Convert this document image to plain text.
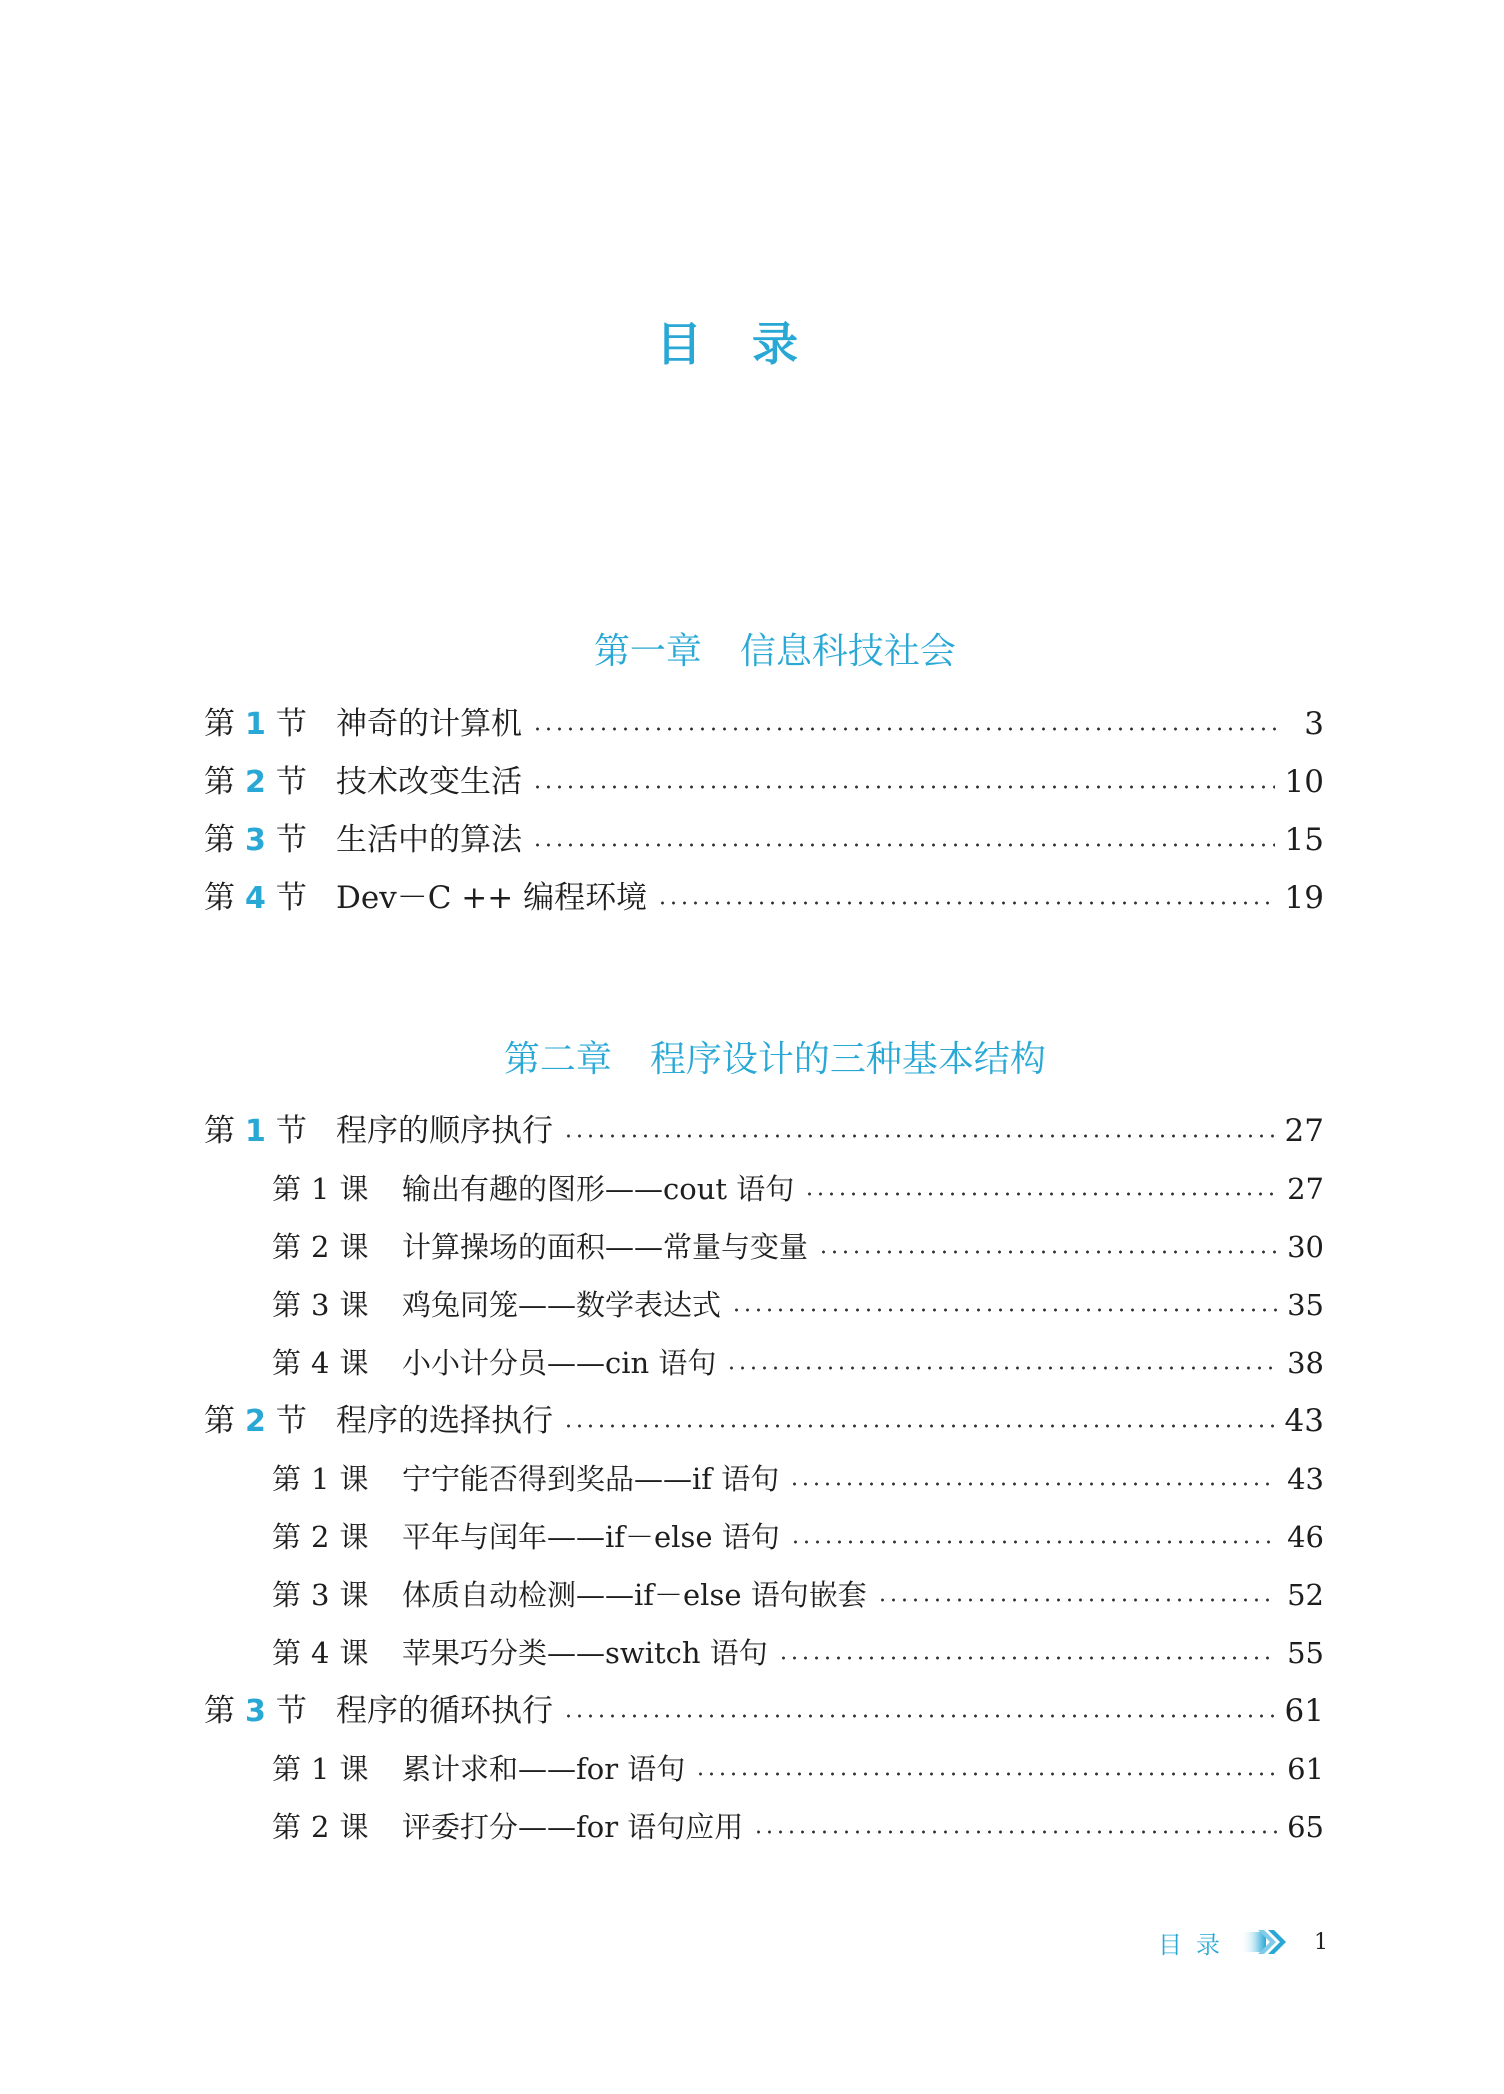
目录

第一章 信息科技社会

第 1 节 神奇的计算机	3
第 2 节 技术改变生活	10
第 3 节 生活中的算法	15
第 4 节 Dev－C ++ 编程环境	19

第二章 程序设计的三种基本结构

第 1 节 程序的顺序执行	27
第 1 课	输出有趣的图形——cout 语句	27
第 2 课	计算操场的面积——常量与变量	30
第 3 课	鸡兔同笼——数学表达式	35
第 4 课	小小计分员——cin 语句	38
第 2 节 程序的选择执行	43
第 1 课	宁宁能否得到奖品——if 语句	43
第 2 课	平年与闰年——if－else 语句	46
第 3 课	体质自动检测——if－else 语句嵌套	52
第 4 课	苹果巧分类——switch 语句	55
第 3 节 程序的循环执行	61
第 1 课	累计求和——for 语句	61
第 2 课	评委打分——for 语句应用	65
目录	1
